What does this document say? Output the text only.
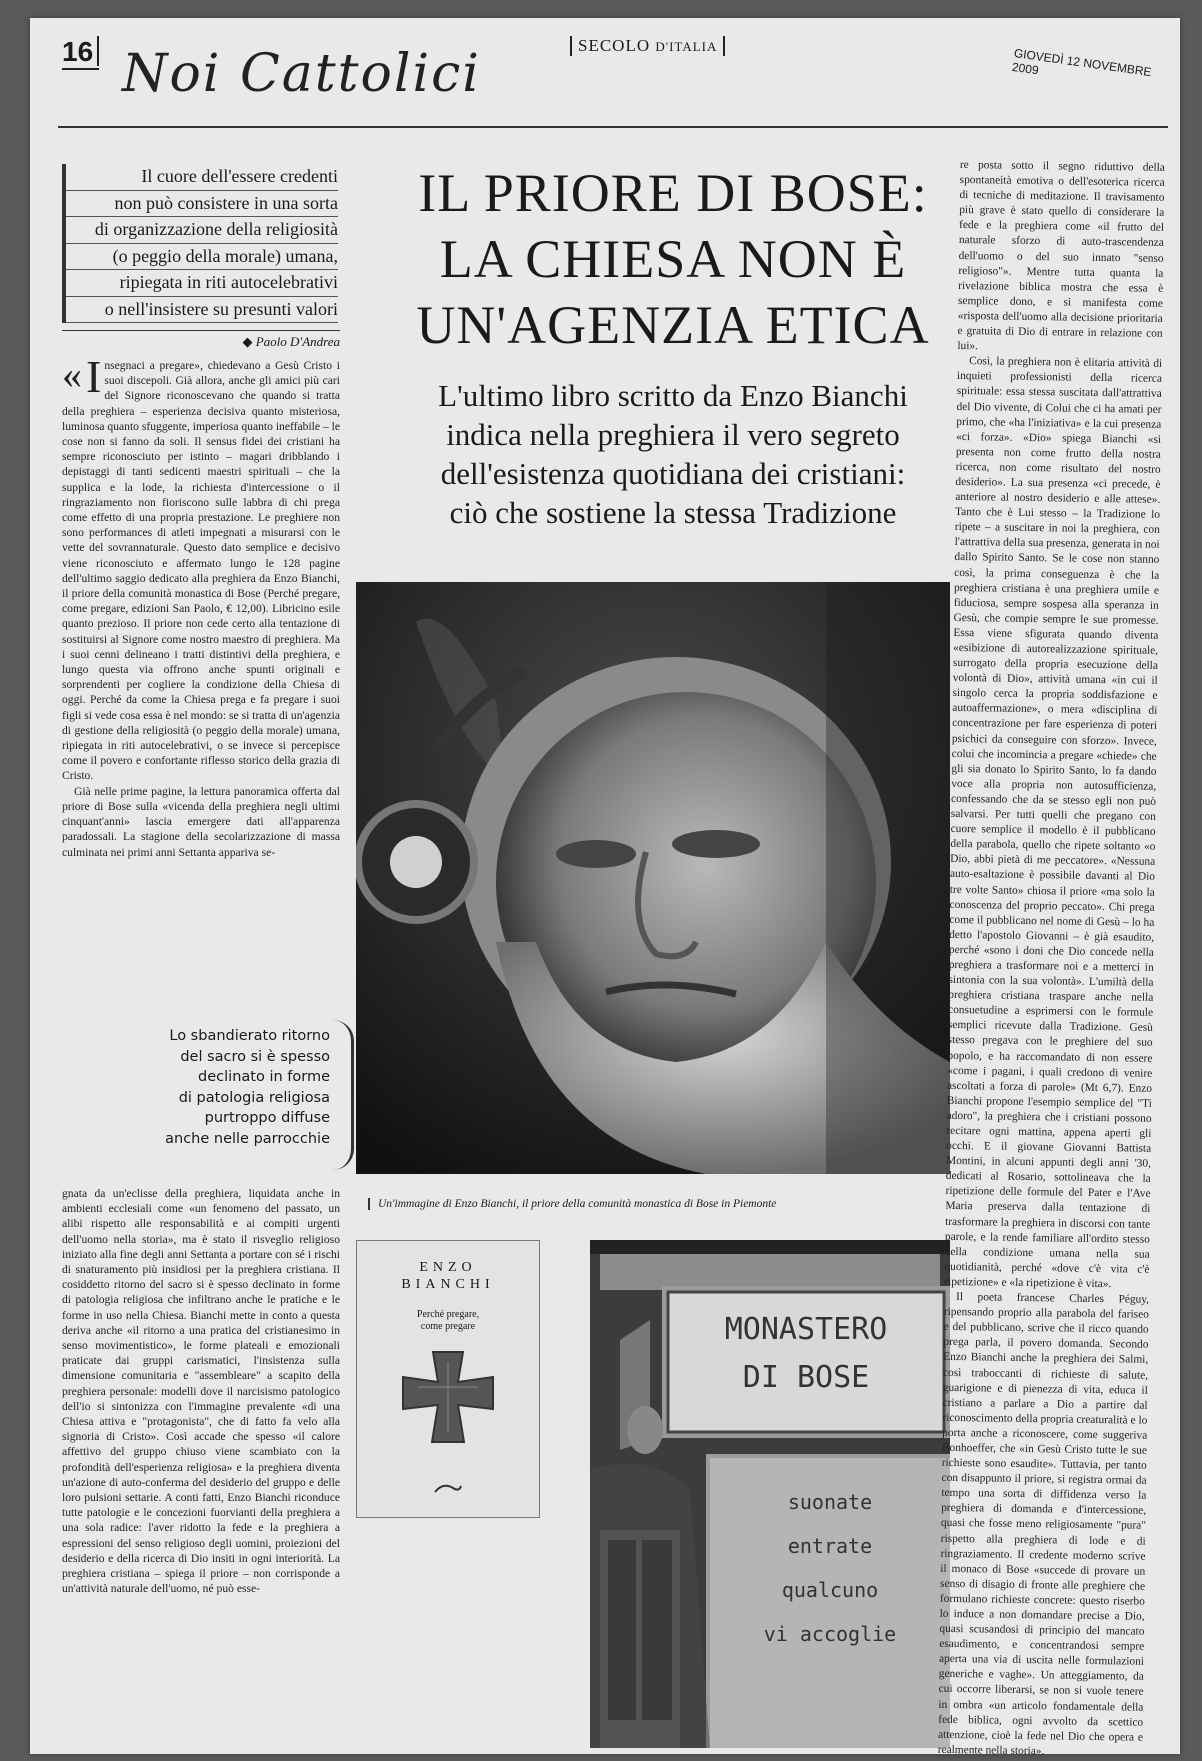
16 Noi Cattolici	SECOLO D'ITALIA	GIOVEDÌ 12 NOVEMBRE 2009
Il cuore dell'essere credenti
non può consistere in una sorta
di organizzazione della religiosità
(o peggio della morale) umana,
ripiegata in riti autocelebrativi
o nell'insistere su presunti valori
◆ Paolo D'Andrea
IL PRIORE DI BOSE:
LA CHIESA NON È
UN'AGENZIA ETICA
L'ultimo libro scritto da Enzo Bianchi
indica nella preghiera il vero segreto
dell'esistenza quotidiana dei cristiani:
ciò che sostiene la stessa Tradizione

« I nsegnaci a pregare», chiedevano a Gesù Cristo i suoi discepoli. Già allora, anche gli amici più cari del Signore riconoscevano che quando si tratta della preghiera – esperienza decisiva quanto misteriosa, luminosa quanto sfuggente, imperiosa quanto ineffabile – le cose non si fanno da soli. Il sensus fidei dei cristiani ha sempre riconosciuto per istinto – magari dribblando i depistaggi di tanti sedicenti maestri spirituali – che la supplica e la lode, la richiesta d'intercessione o il ringraziamento non fioriscono sulle labbra di chi prega come effetto di una propria prestazione. Le preghiere non sono performances di atleti impegnati a misurarsi con le vette del sovrannaturale. Questo dato semplice e decisivo viene riconosciuto e affermato lungo le 128 pagine dell'ultimo saggio dedicato alla preghiera da Enzo Bianchi, il priore della comunità monastica di Bose (Perché pregare, come pregare, edizioni San Paolo, € 12,00). Libricino esile quanto prezioso. Il priore non cede certo alla tentazione di sostituirsi al Signore come nostro maestro di preghiera. Ma i suoi cenni delineano i tratti distintivi della preghiera, e lungo questa via offrono anche spunti originali e sorprendenti per cogliere la condizione della Chiesa di oggi. Perché da come la Chiesa prega e fa pregare i suoi figli si vede cosa essa è nel mondo: se si tratta di un'agenzia di gestione della religiosità (o peggio della morale) umana, ripiegata in riti autocelebrativi, o se invece si percepisce come il povero e confortante riflesso storico della grazia di Cristo.

Già nelle prime pagine, la lettura panoramica offerta dal priore di Bose sulla «vicenda della preghiera negli ultimi cinquant'anni» lascia emergere dati all'apparenza paradossali. La stagione della secolarizzazione di massa culminata nei primi anni Settanta appariva se-

Lo sbandierato ritorno
del sacro si è spesso
declinato in forme
di patologia religiosa
purtroppo diffuse
anche nelle parrocchie

gnata da un'eclisse della preghiera, liquidata anche in ambienti ecclesiali come «un fenomeno del passato, un alibi rispetto alle responsabilità e ai compiti urgenti dell'uomo nella storia», ma è stato il risveglio religioso iniziato alla fine degli anni Settanta a portare con sé i rischi di snaturamento più insidiosi per la preghiera cristiana. Il cosiddetto ritorno del sacro si è spesso declinato in forme di patologia religiosa che infiltrano anche le pratiche e le forme in uso nella Chiesa. Bianchi mette in conto a questa deriva anche «il ritorno a una pratica del cristianesimo in senso movimentistico», le forme plateali e emozionali praticate dai gruppi carismatici, l'insistenza sulla dimensione comunitaria e "assembleare" a scapito della preghiera personale: modelli dove il narcisismo patologico dell'io si sintonizza con l'immagine prevalente «di una Chiesa attiva e "protagonista", che di fatto fa velo alla signoria di Cristo». Così accade che spesso «il calore affettivo del gruppo chiuso viene scambiato con la profondità dell'esperienza religiosa» e la preghiera diventa un'azione di auto-conferma del desiderio del gruppo e delle loro pulsioni settarie. A conti fatti, Enzo Bianchi riconduce tutte patologie e le concezioni fuorvianti della preghiera a una sola radice: l'aver ridotto la fede e la preghiera a espressioni del senso religioso degli uomini, proiezioni del desiderio e della ricerca di Dio insiti in ogni interiorità. La preghiera cristiana – spiega il priore – non corrisponde a un'attività naturale dell'uomo, né può esse-

Un'immagine di Enzo Bianchi, il priore della comunità monastica di Bose in Piemonte
ENZO
BIANCHI
Perché pregare,
come pregare	MONASTERO
DI BOSE
suonate
entrate
qualcuno
vi accoglie

re posta sotto il segno riduttivo della spontaneità emotiva o dell'esoterica ricerca di tecniche di meditazione. Il travisamento più grave è stato quello di considerare la fede e la preghiera come «il frutto del naturale sforzo di auto-trascendenza dell'uomo o del suo innato "senso religioso"». Mentre tutta quanta la rivelazione biblica mostra che essa è semplice dono, e si manifesta come «risposta dell'uomo alla decisione prioritaria e gratuita di Dio di entrare in relazione con lui».

Così, la preghiera non è elitaria attività di inquieti professionisti della ricerca spirituale: essa stessa suscitata dall'attrattiva del Dio vivente, di Colui che ci ha amati per primo, che «ha l'iniziativa» e la cui presenza «ci forza». «Dio» spiega Bianchi «si presenta non come frutto della nostra ricerca, non come risultato del nostro desiderio». La sua presenza «ci precede, è anteriore al nostro desiderio e alle attese». Tanto che è Lui stesso – la Tradizione lo ripete – a suscitare in noi la preghiera, con l'attrattiva della sua presenza, generata in noi dallo Spirito Santo. Se le cose non stanno così, la prima conseguenza è che la preghiera cristiana è una preghiera umile e fiduciosa, sempre sospesa alla speranza in Gesù, che compie sempre le sue promesse. Essa viene sfigurata quando diventa «esibizione di autorealizzazione spirituale, surrogato della propria esecuzione della volontà di Dio», attività umana «in cui il singolo cerca la propria soddisfazione e autoaffermazione», o mera «disciplina di concentrazione per fare esperienza di poteri psichici da conseguire con sforzo». Invece, colui che incomincia a pregare «chiede» che gli sia donato lo Spirito Santo, lo fa dando voce alla propria non autosufficienza, confessando che da se stesso egli non può salvarsi. Per tutti quelli che pregano con cuore semplice il modello è il pubblicano della parabola, quello che ripete soltanto «o Dio, abbi pietà di me peccatore». «Nessuna auto-esaltazione è possibile davanti al Dio tre volte Santo» chiosa il priore «ma solo la conoscenza del proprio peccato». Chi prega come il pubblicano nel nome di Gesù – lo ha detto l'apostolo Giovanni – è già esaudito, perché «sono i doni che Dio concede nella preghiera a trasformare noi e a metterci in sintonia con la sua volontà». L'umiltà della preghiera cristiana traspare anche nella consuetudine a esprimersi con le formule semplici ricevute dalla Tradizione. Gesù stesso pregava con le preghiere del suo popolo, e ha raccomandato di non essere «come i pagani, i quali credono di venire ascoltati a forza di parole» (Mt 6,7). Enzo Bianchi propone l'esempio semplice del "Ti adoro", la preghiera che i cristiani possono recitare ogni mattina, appena aperti gli occhi. E il giovane Giovanni Battista Montini, in alcuni appunti degli anni '30, dedicati al Rosario, sottolineava che la ripetizione delle formule del Pater e l'Ave Maria preserva dalla tentazione di trasformare la preghiera in discorsi con tante parole, e la rende familiare all'ordito stesso della condizione umana nella sua quotidianità, perché «dove c'è vita c'è ripetizione» e «la ripetizione è vita».

Il poeta francese Charles Péguy, ripensando proprio alla parabola del fariseo e del pubblicano, scrive che il ricco quando prega parla, il povero domanda. Secondo Enzo Bianchi anche la preghiera dei Salmi, così traboccanti di richieste di salute, guarigione e di pienezza di vita, educa il cristiano a parlare a Dio a partire dal riconoscimento della propria creaturalità e lo porta anche a riconoscere, come suggeriva Bonhoeffer, che «in Gesù Cristo tutte le sue richieste sono esaudite». Tuttavia, per tanto con disappunto il priore, si registra ormai da tempo una sorta di diffidenza verso la preghiera di domanda e d'intercessione, quasi che fosse meno religiosamente "pura" rispetto alla preghiera di lode e di ringraziamento. Il credente moderno scrive il monaco di Bose «succede di provare un senso di disagio di fronte alle preghiere che formulano richieste concrete: questo riserbo lo induce a non domandare precise a Dio, quasi scusandosi di principio del mancato esaudimento, e concentrandosi sempre aperta una via di uscita nelle formulazioni generiche e vaghe». Un atteggiamento, da cui occorre liberarsi, se non si vuole tenere in ombra «un articolo fondamentale della fede biblica, ogni avvolto da scettico attenzione, cioè la fede nel Dio che opera e realmente nella storia».
